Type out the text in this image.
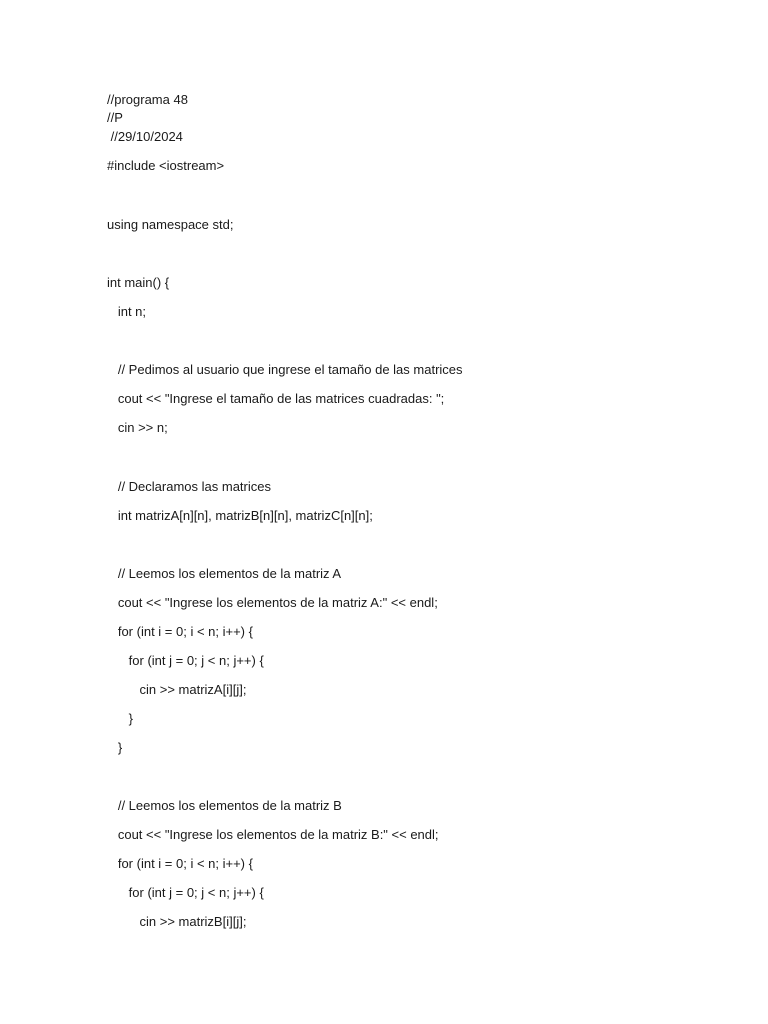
//programa 48
//P
//29/10/2024
#include <iostream>
using namespace std;
int main() {
int n;
// Pedimos al usuario que ingrese el tamaño de las matrices
cout << "Ingrese el tamaño de las matrices cuadradas: ";
cin >> n;
// Declaramos las matrices
int matrizA[n][n], matrizB[n][n], matrizC[n][n];
// Leemos los elementos de la matriz A
cout << "Ingrese los elementos de la matriz A:" << endl;
for (int i = 0; i < n; i++) {
for (int j = 0; j < n; j++) {
cin >> matrizA[i][j];
}
}
// Leemos los elementos de la matriz B
cout << "Ingrese los elementos de la matriz B:" << endl;
for (int i = 0; i < n; i++) {
for (int j = 0; j < n; j++) {
cin >> matrizB[i][j];
